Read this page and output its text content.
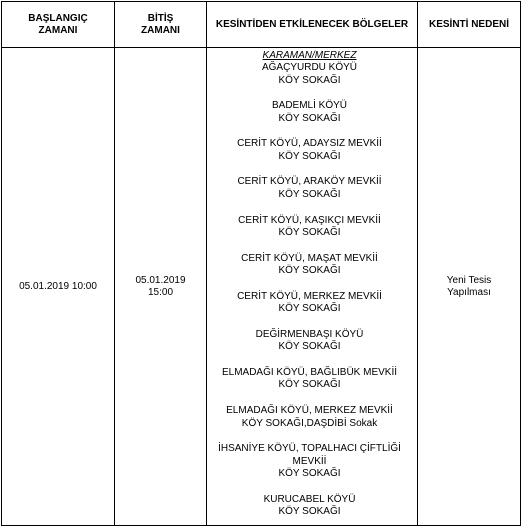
BAŞLANGIÇ
ZAMANI
BİTİŞ
ZAMANI
KESİNTİDEN ETKİLENECEK BÖLGELER KESİNTİ NEDENİ
05.01.2019 10:00
05.01.2019
15:00
Yeni Tesis
Yapılması
KARAMAN/MERKEZ
AĞAÇYURDU KÖYÜ
KÖY SOKAĞI
BADEMLİ KÖYÜ
KÖY SOKAĞI
CERİT KÖYÜ, ADAYSIZ MEVKİİ
KÖY SOKAĞI
CERİT KÖYÜ, ARAKÖY MEVKİİ
KÖY SOKAĞI
CERİT KÖYÜ, KAŞIKÇI MEVKİİ
KÖY SOKAĞI
CERİT KÖYÜ, MAŞAT MEVKİİ
KÖY SOKAĞI
CERİT KÖYÜ, MERKEZ MEVKİİ
KÖY SOKAĞI
DEĞİRMENBAŞI KÖYÜ
KÖY SOKAĞI
ELMADAĞI KÖYÜ, BAĞLIBÜK MEVKİİ
KÖY SOKAĞI
ELMADAĞI KÖYÜ, MERKEZ MEVKİİ
KÖY SOKAĞI,DAŞDİBİ Sokak
İHSANİYE KÖYÜ, TOPALHACI ÇİFTLİĞİ
MEVKİİ
KÖY SOKAĞI
KURUCABEL KÖYÜ
KÖY SOKAĞI
